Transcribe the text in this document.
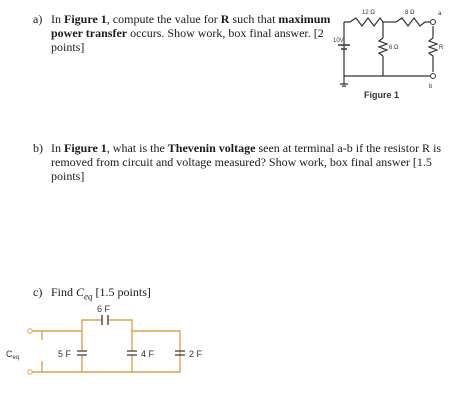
a) In Figure 1, compute the value for R such that maximum power transfer occurs. Show work, box final answer. [2 points]
b) In Figure 1, what is the Thevenin voltage seen at terminal a-b if the resistor R is removed from circuit and voltage measured? Show work, box final answer [1.5 points]
c) Find $C_{eq}$ [1.5 points]
10V
12 Ω	8 Ω
6 Ω	R
a
b
Figure 1
$C_{eq}$	5 F
6 F
4 F	2 F
